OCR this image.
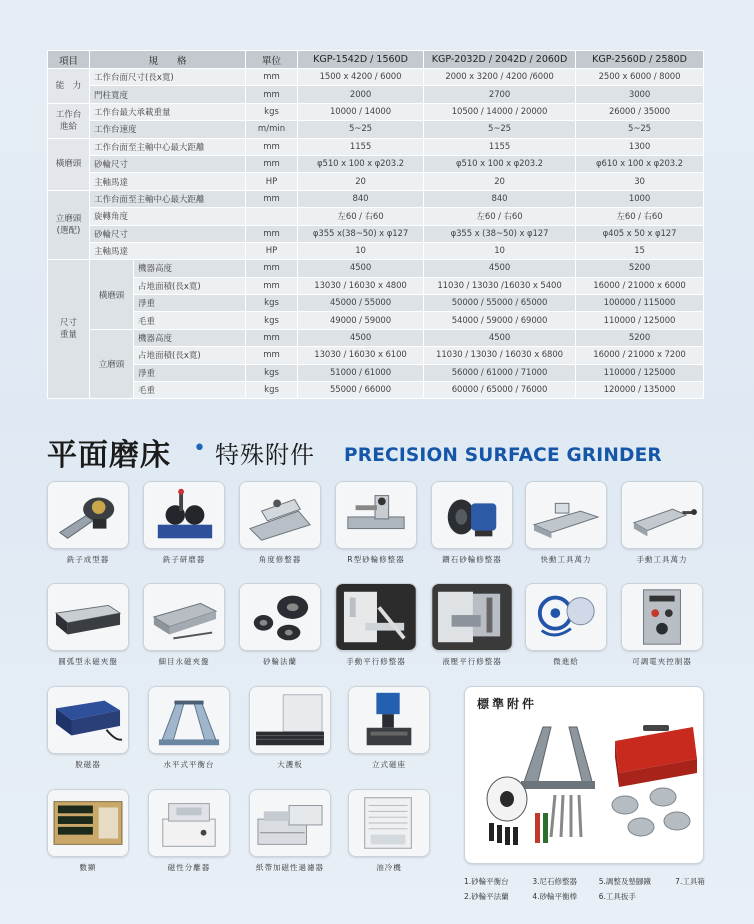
項目	規　　格		單位	KGP-1542D / 1560D	KGP-2032D / 2042D / 2060D	KGP-2560D / 2580D
能　力	工作台面尺寸(長x寬)		mm	1500 x 4200 / 6000	2000 x 3200 / 4200 /6000	2500 x 6000 / 8000
	門柱寬度		mm	2000	2700	3000
工作台
進給	工作台最大承載重量		kgs	10000 / 14000	10500 / 14000 / 20000	26000 / 35000
	工作台速度		m/min	5~25	5~25	5~25
橫磨頭	工作台面至主軸中心最大距離		mm	1155	1155	1300
	砂輪尺寸		mm	φ510 x 100 x φ203.2	φ510 x 100 x φ203.2	φ610 x 100 x φ203.2
	主軸馬達		HP	20	20	30
立磨頭
(選配)	工作台面至主軸中心最大距離		mm	840	840	1000
	旋轉角度			左60 / 右60	左60 / 右60	左60 / 右60
	砂輪尺寸		mm	φ355 x(38~50) x φ127	φ355 x (38~50) x φ127	φ405 x 50 x φ127
	主軸馬達		HP	10	10	15
尺寸
重量	橫磨頭	機器高度	mm	4500	4500	5200
		占地面積(長x寬)	mm	13030 / 16030 x 4800	11030 / 13030 /16030 x 5400	16000 / 21000 x 6000
		淨重	kgs	45000 / 55000	50000 / 55000 / 65000	100000 / 115000
		毛重	kgs	49000 / 59000	54000 / 59000 / 69000	110000 / 125000
	立磨頭	機器高度	mm	4500	4500	5200
		占地面積(長x寬)	mm	13030 / 16030 x 6100	11030 / 13030 / 16030 x 6800	16000 / 21000 x 7200
		淨重	kgs	51000 / 61000	56000 / 61000 / 71000	110000 / 125000
		毛重	kgs	55000 / 66000	60000 / 65000 / 76000	120000 / 135000
平面磨床 • 特殊附件 PRECISION SURFACE GRINDER
銑子成型器	銑子研磨器	角度修整器	R型砂輪修整器	鑽石砂輪修整器	快動工具萬力	手動工具萬力
圓弧型永磁夾盤	細目永磁夾盤	砂輪法蘭	手動平行修整器	液壓平行修整器	微進給	可調電夾控制器
脫磁器	水平式平衡台	大護板	立式磁座
數顯	磁性分離器	紙帶加磁性過濾器	油冷機
標準附件
1.砂輪平衡台	3.尼石修整器	5.調整及墊腳鐵	7.工具箱
2.砂輪平法蘭	4.砂輪平衡棒	6.工具扳手
